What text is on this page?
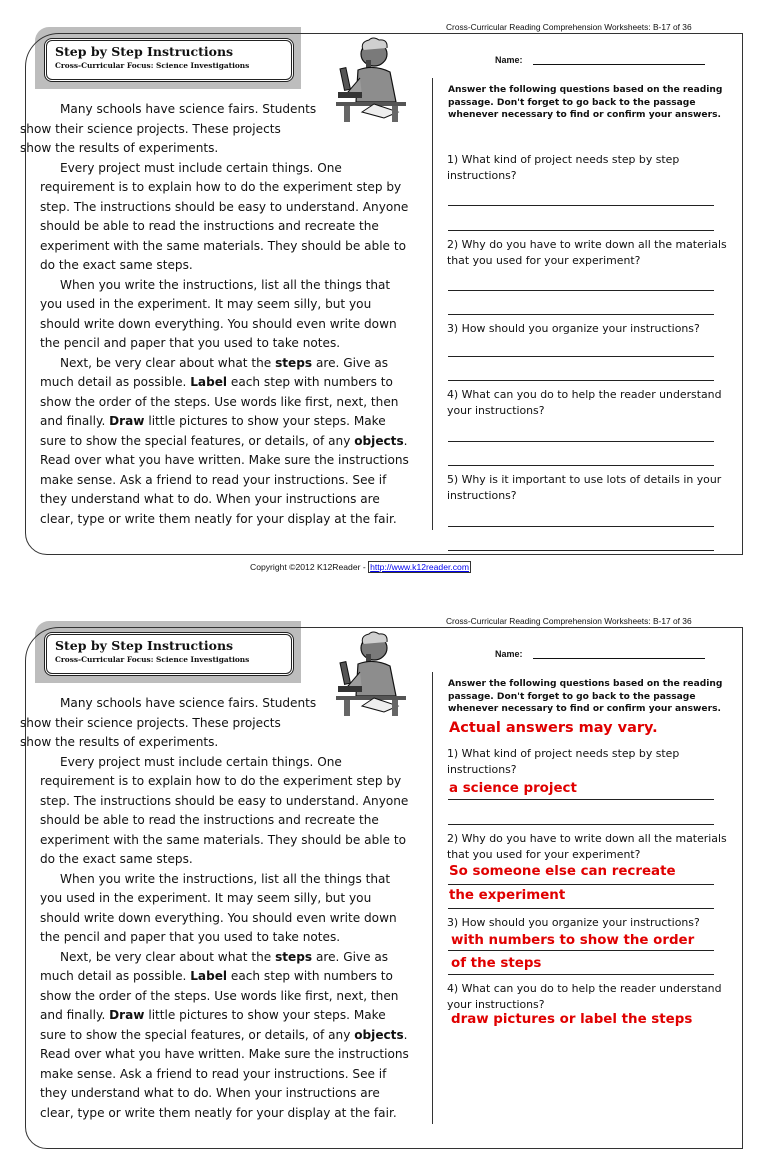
Cross-Curricular Reading Comprehension Worksheets: B-17 of 36
Step by Step Instructions
Cross-Curricular Focus: Science Investigations

Many schools have science fairs. Students
show their science projects. These projects
show the results of experiments.

Every project must include certain things. One requirement is to explain how to do the experiment step by step. The instructions should be easy to understand. Anyone should be able to read the instructions and recreate the experiment with the same materials. They should be able to do the exact same steps.

When you write the instructions, list all the things that you used in the experiment. It may seem silly, but you should write down everything. You should even write down the pencil and paper that you used to take notes.

Next, be very clear about what the steps are. Give as much detail as possible. Label each step with numbers to show the order of the steps. Use words like first, next, then and finally. Draw little pictures to show your steps. Make sure to show the special features, or details, of any objects. Read over what you have written. Make sure the instructions make sense. Ask a friend to read your instructions. See if they understand what to do. When your instructions are clear, type or write them neatly for your display at the fair.

Name:
Answer the following questions based on the reading passage. Don't forget to go back to the passage whenever necessary to find or confirm your answers.
1) What kind of project needs step by step instructions?
2) Why do you have to write down all the materials that you used for your experiment?
3) How should you organize your instructions?
4) What can you do to help the reader understand your instructions?
5) Why is it important to use lots of details in your instructions?
Copyright ©2012 K12Reader - http://www.k12reader.com
Cross-Curricular Reading Comprehension Worksheets: B-17 of 36
Step by Step Instructions
Cross-Curricular Focus: Science Investigations

Many schools have science fairs. Students
show their science projects. These projects
show the results of experiments.

Every project must include certain things. One requirement is to explain how to do the experiment step by step. The instructions should be easy to understand. Anyone should be able to read the instructions and recreate the experiment with the same materials. They should be able to do the exact same steps.

When you write the instructions, list all the things that you used in the experiment. It may seem silly, but you should write down everything. You should even write down the pencil and paper that you used to take notes.

Next, be very clear about what the steps are. Give as much detail as possible. Label each step with numbers to show the order of the steps. Use words like first, next, then and finally. Draw little pictures to show your steps. Make sure to show the special features, or details, of any objects. Read over what you have written. Make sure the instructions make sense. Ask a friend to read your instructions. See if they understand what to do. When your instructions are clear, type or write them neatly for your display at the fair.

Name:
Answer the following questions based on the reading passage. Don't forget to go back to the passage whenever necessary to find or confirm your answers.
Actual answers may vary.
1) What kind of project needs step by step instructions?
a science project
2) Why do you have to write down all the materials that you used for your experiment?
So someone else can recreate
the experiment
3) How should you organize your instructions?
with numbers to show the order
of the steps
4) What can you do to help the reader understand your instructions?
draw pictures or label the steps
